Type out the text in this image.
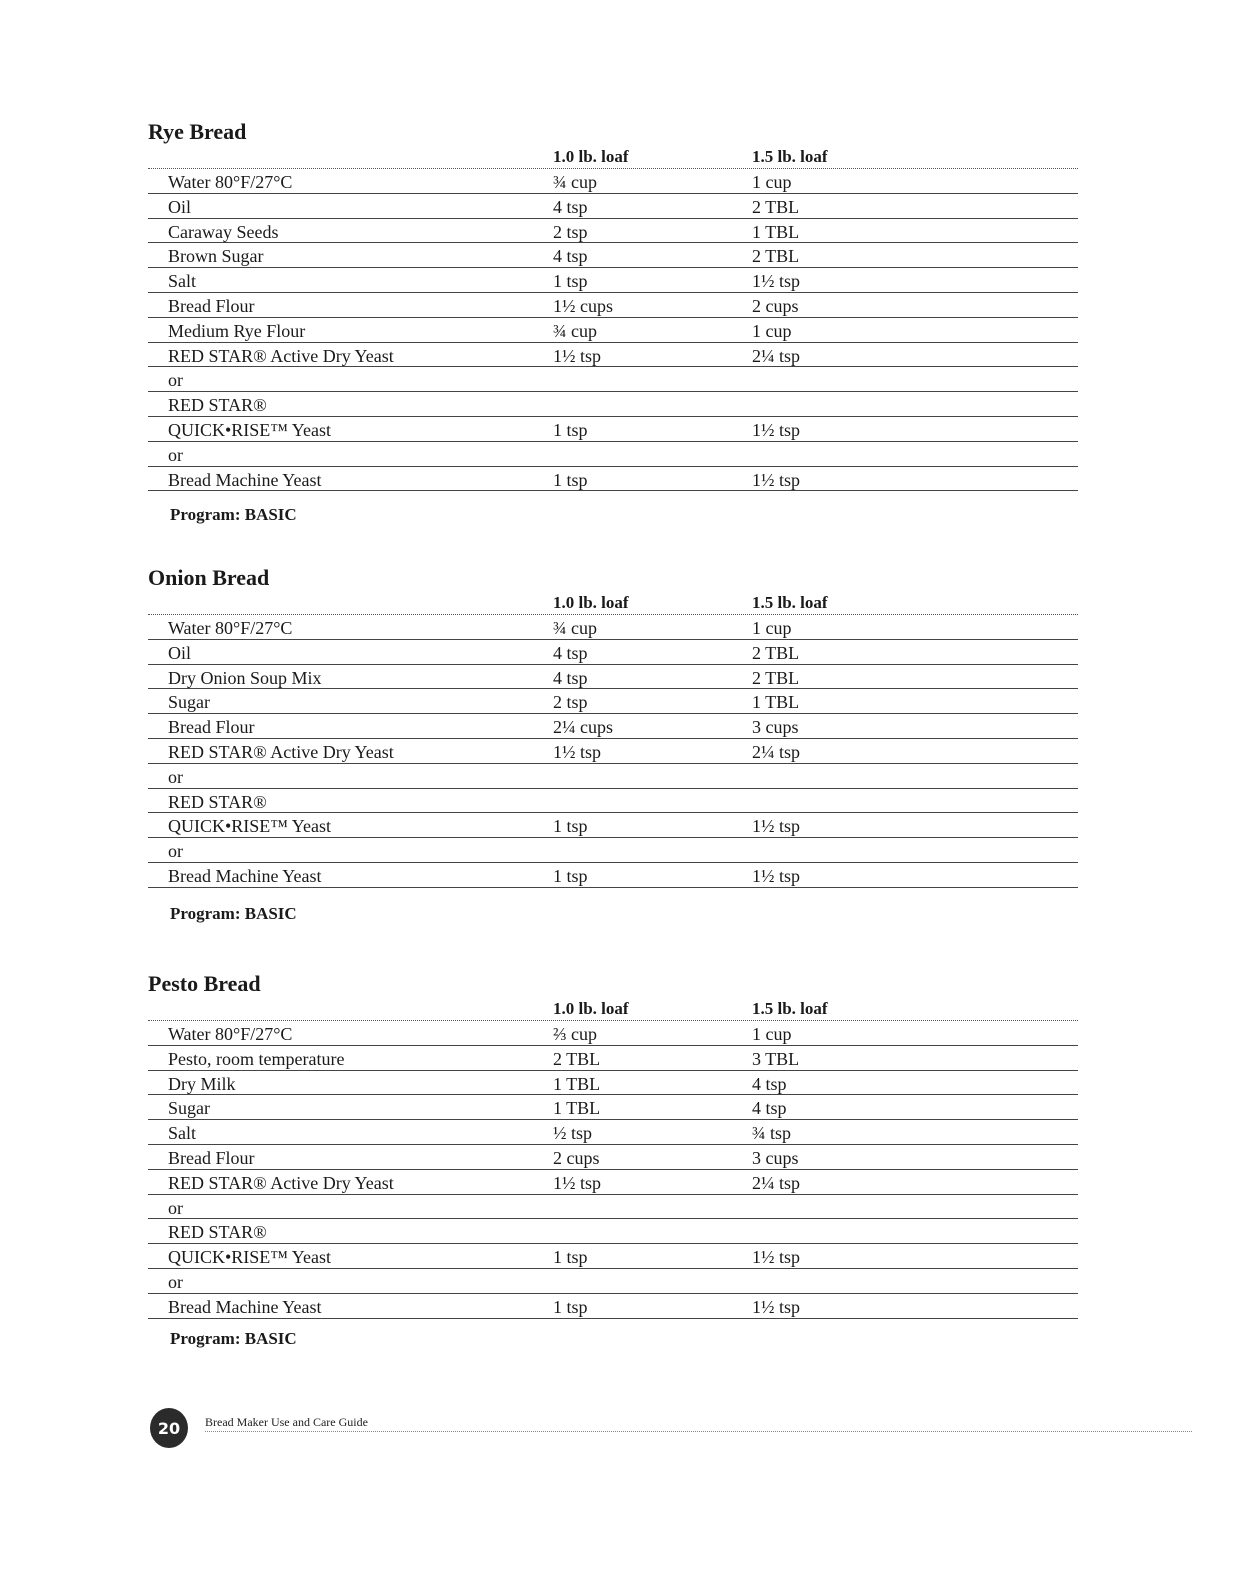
Rye Bread
1.0 lb. loaf	1.5 lb. loaf
Water 80°F/27°C	¾ cup	1 cup
Oil	4 tsp	2 TBL
Caraway Seeds	2 tsp	1 TBL
Brown Sugar	4 tsp	2 TBL
Salt	1 tsp	1½ tsp
Bread Flour	1½ cups	2 cups
Medium Rye Flour	¾ cup	1 cup
RED STAR® Active Dry Yeast	1½ tsp	2¼ tsp
or
RED STAR®
QUICK•RISE™ Yeast	1 tsp	1½ tsp
or
Bread Machine Yeast	1 tsp	1½ tsp
Program: BASIC
Onion Bread
1.0 lb. loaf	1.5 lb. loaf
Water 80°F/27°C	¾ cup	1 cup
Oil	4 tsp	2 TBL
Dry Onion Soup Mix	4 tsp	2 TBL
Sugar	2 tsp	1 TBL
Bread Flour	2¼ cups	3 cups
RED STAR® Active Dry Yeast	1½ tsp	2¼ tsp
or
RED STAR®
QUICK•RISE™ Yeast	1 tsp	1½ tsp
or
Bread Machine Yeast	1 tsp	1½ tsp
Program: BASIC
Pesto Bread
1.0 lb. loaf	1.5 lb. loaf
Water 80°F/27°C	⅔ cup	1 cup
Pesto, room temperature	2 TBL	3 TBL
Dry Milk	1 TBL	4 tsp
Sugar	1 TBL	4 tsp
Salt	½ tsp	¾ tsp
Bread Flour	2 cups	3 cups
RED STAR® Active Dry Yeast	1½ tsp	2¼ tsp
or
RED STAR®
QUICK•RISE™ Yeast	1 tsp	1½ tsp
or
Bread Machine Yeast	1 tsp	1½ tsp
Program: BASIC
20	Bread Maker Use and Care Guide
